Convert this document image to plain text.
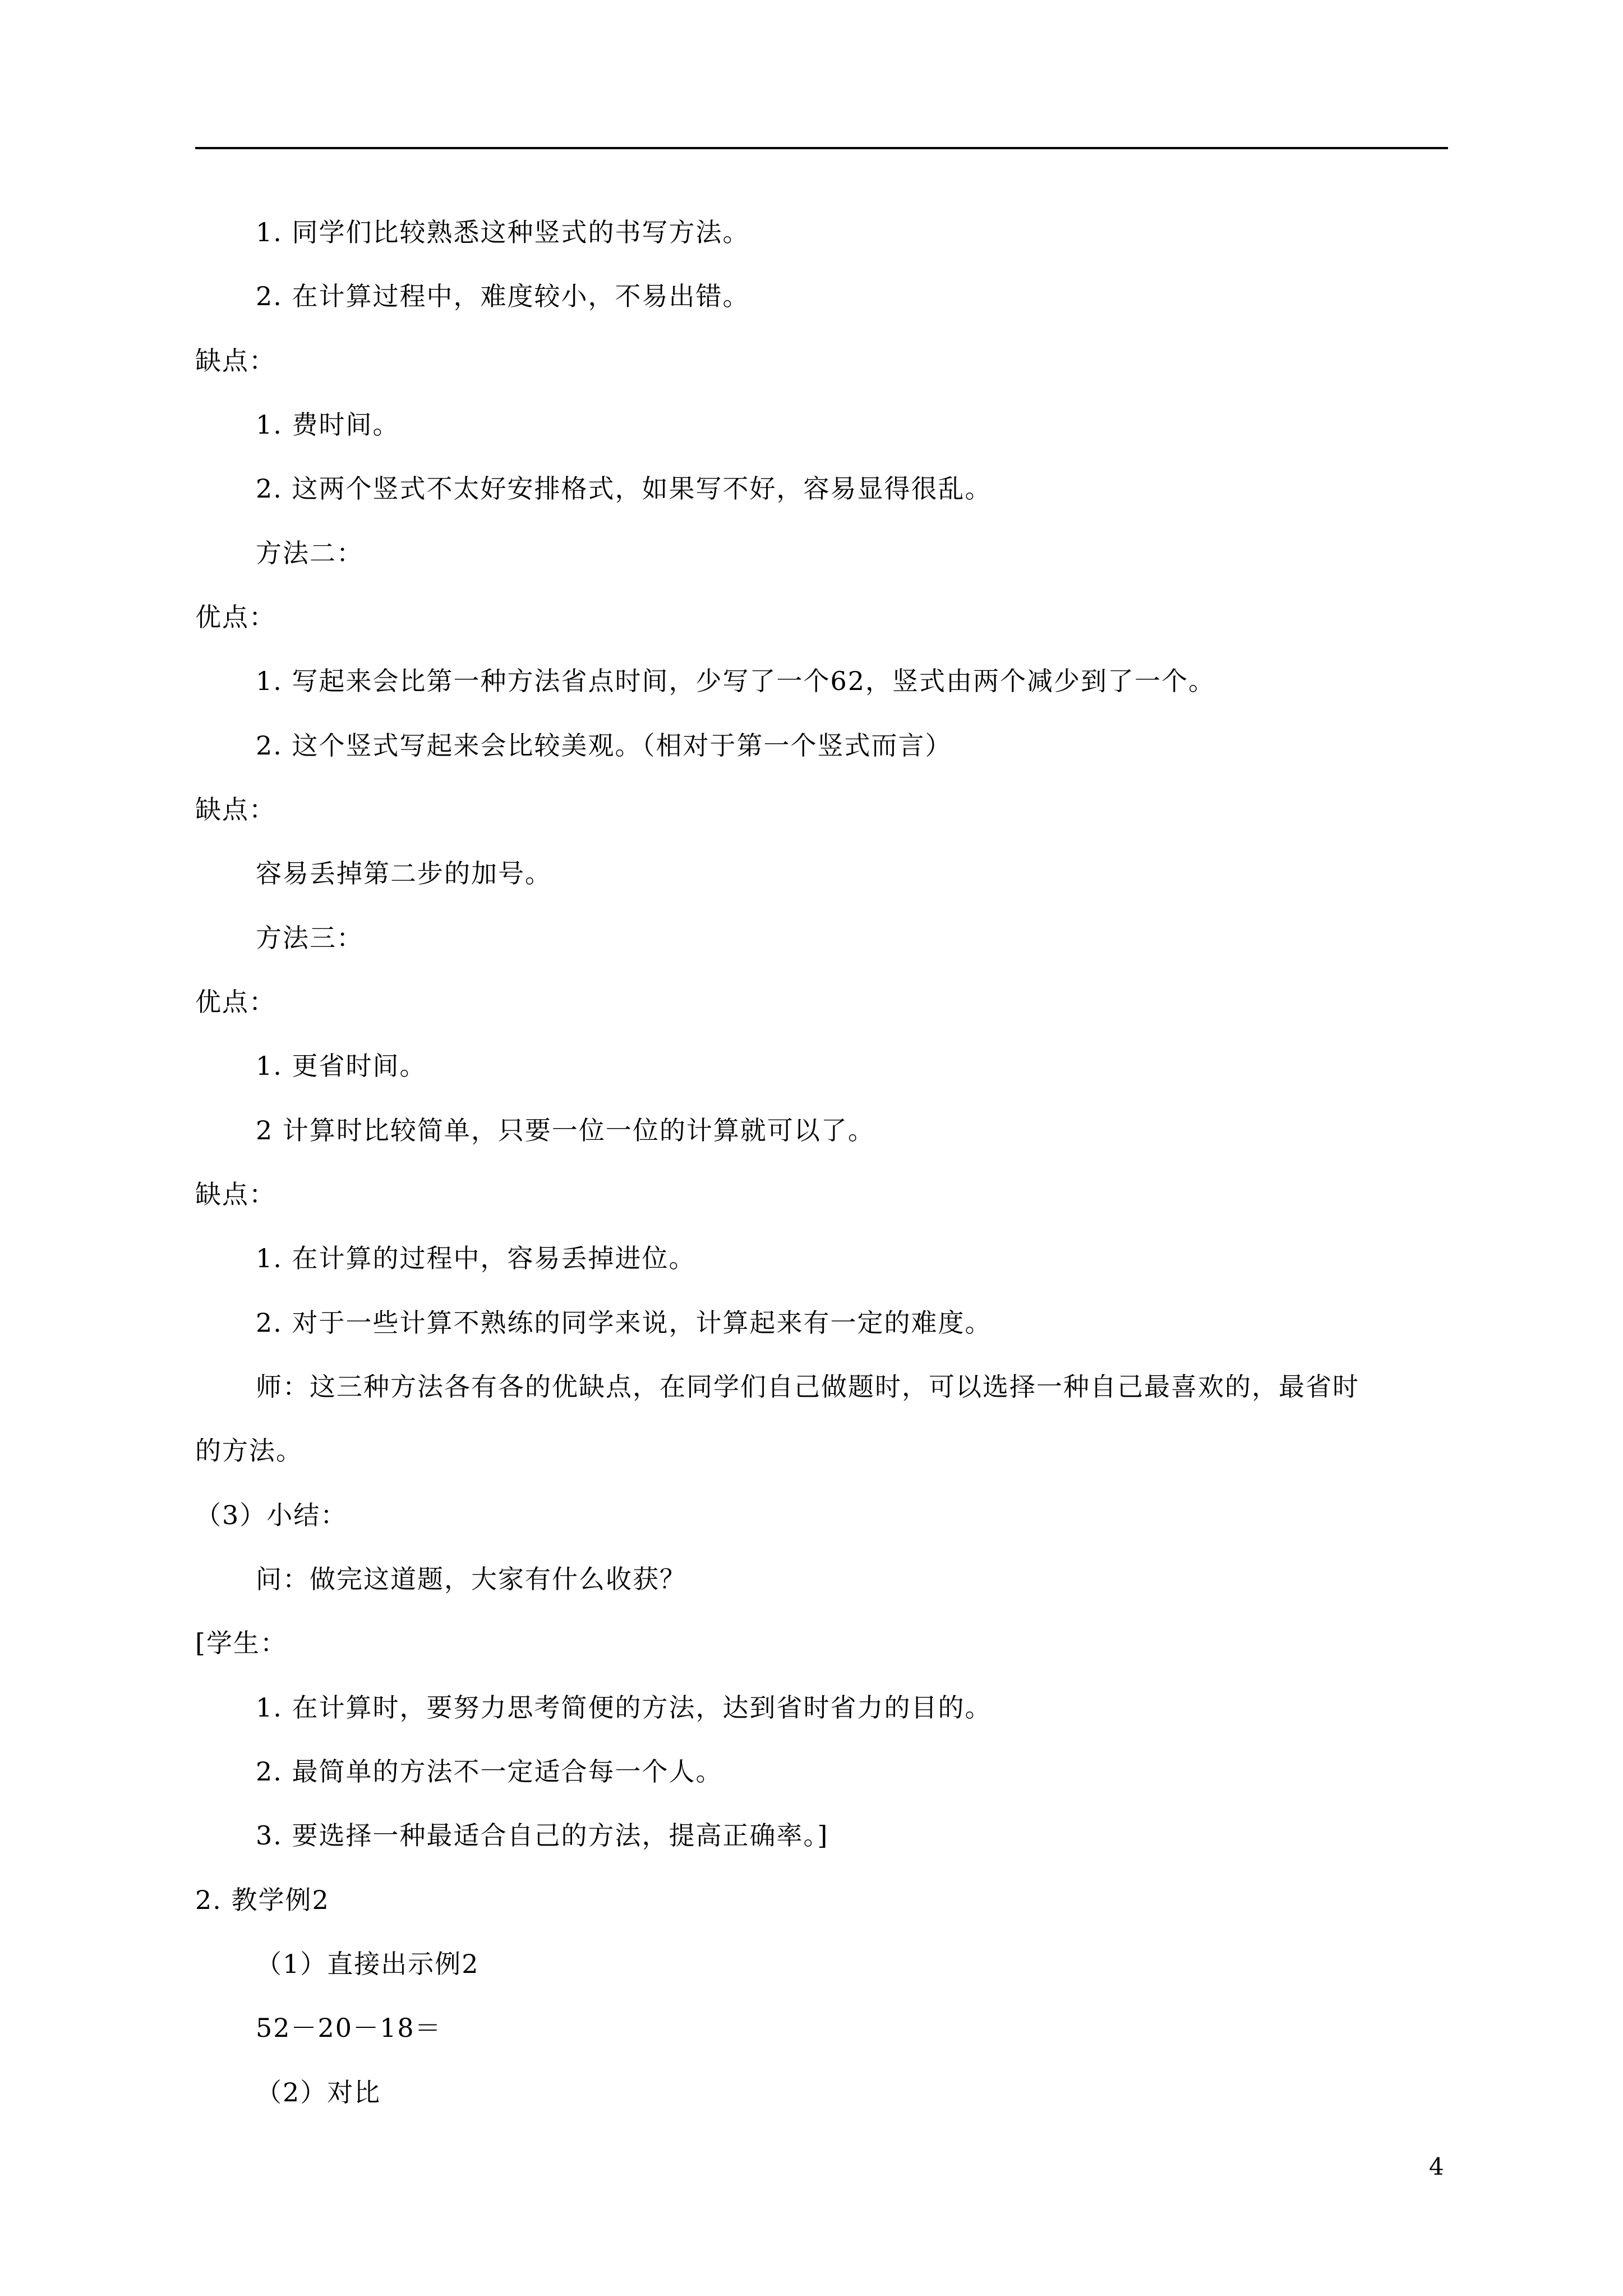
1. 同学们比较熟悉这种竖式的书写方法。
2. 在计算过程中，难度较小，不易出错。
缺点：
1. 费时间。
2. 这两个竖式不太好安排格式，如果写不好，容易显得很乱。
方法二：
优点：
1. 写起来会比第一种方法省点时间，少写了一个62，竖式由两个减少到了一个。
2. 这个竖式写起来会比较美观。（相对于第一个竖式而言）
缺点：
容易丢掉第二步的加号。
方法三：
优点：
1. 更省时间。
2 计算时比较简单，只要一位一位的计算就可以了。
缺点：
1. 在计算的过程中，容易丢掉进位。
2. 对于一些计算不熟练的同学来说，计算起来有一定的难度。
师：这三种方法各有各的优缺点，在同学们自己做题时，可以选择一种自己最喜欢的，最省时
的方法。
（3）小结：
问：做完这道题，大家有什么收获？
[学生：
1. 在计算时，要努力思考简便的方法，达到省时省力的目的。
2. 最简单的方法不一定适合每一个人。
3. 要选择一种最适合自己的方法，提高正确率。]
2. 教学例2
（1）直接出示例2
52－20－18＝
（2）对比
4
